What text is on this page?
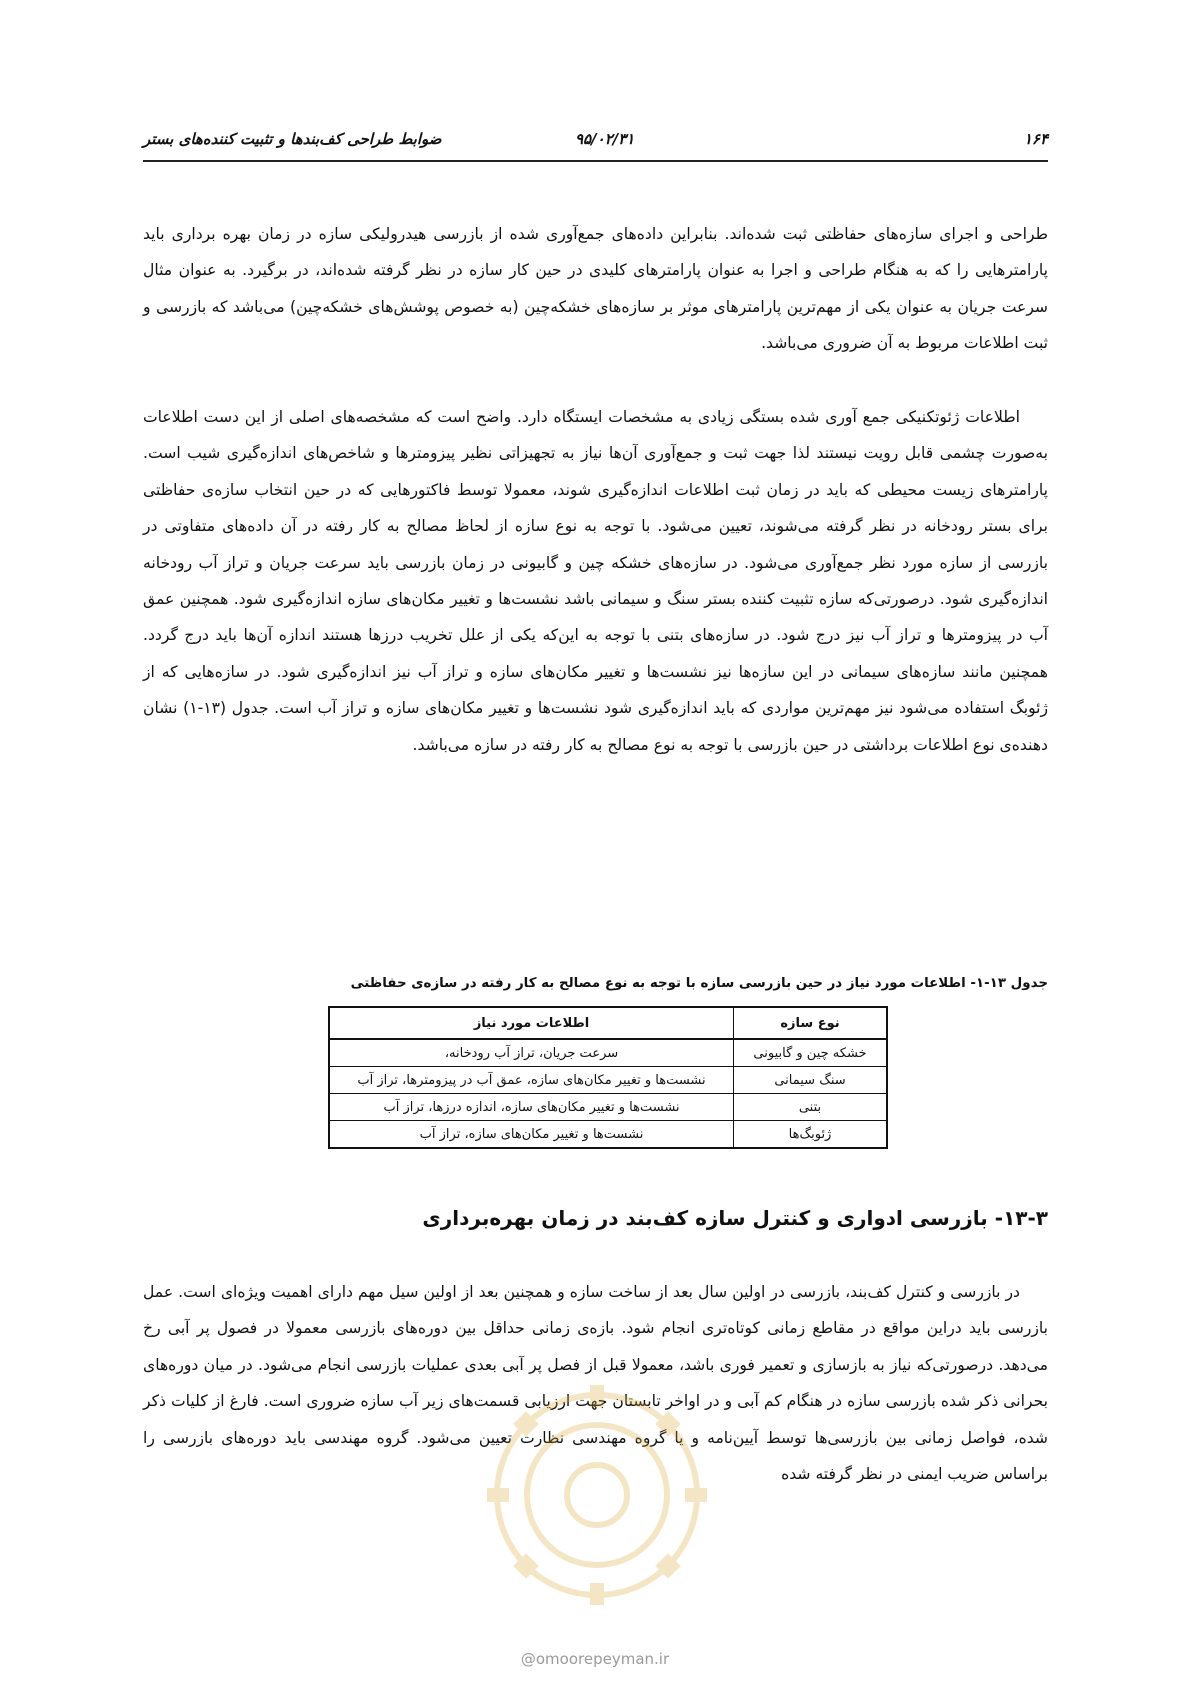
۱۶۴
۹۵/۰۲/۳۱
ضوابط طراحی کف‌بندها و تثبیت کننده‌های بستر

طراحی و اجرای سازه‌های حفاظتی ثبت شده‌اند. بنابراین داده‌های جمع‌آوری شده از بازرسی هیدرولیکی سازه در زمان بهره برداری باید پارامترهایی را که به هنگام طراحی و اجرا به عنوان پارامترهای کلیدی در حین کار سازه در نظر گرفته شده‌اند، در برگیرد. به عنوان مثال سرعت جریان به عنوان یکی از مهم‌ترین پارامترهای موثر بر سازه‌های خشکه‌چین (به خصوص پوشش‌های خشکه‌چین) می‌باشد که بازرسی و ثبت اطلاعات مربوط به آن ضروری می‌باشد.

اطلاعات ژئوتکنیکی جمع آوری شده بستگی زیادی به مشخصات ایستگاه دارد. واضح است که مشخصه‌های اصلی از این دست اطلاعات به‌صورت چشمی قابل رویت نیستند لذا جهت ثبت و جمع‌آوری آن‌ها نیاز به تجهیزاتی نظیر پیزومترها و شاخص‌های اندازه‌گیری شیب است. پارامترهای زیست محیطی که باید در زمان ثبت اطلاعات اندازه‌گیری شوند، معمولا توسط فاکتورهایی که در حین انتخاب سازه‌ی حفاظتی برای بستر رودخانه در نظر گرفته می‌شوند، تعیین می‌شود. با توجه به نوع سازه از لحاظ مصالح به کار رفته در آن داده‌های متفاوتی در بازرسی از سازه مورد نظر جمع‌آوری می‌شود. در سازه‌های خشکه چین و گابیونی در زمان بازرسی باید سرعت جریان و تراز آب رودخانه اندازه‌گیری شود. درصورتی‌که سازه تثبیت کننده بستر سنگ و سیمانی باشد نشست‌ها و تغییر مکان‌های سازه اندازه‌گیری شود. همچنین عمق آب در پیزومترها و تراز آب نیز درج شود. در سازه‌های بتنی با توجه به این‌که یکی از علل تخریب درزها هستند اندازه آن‌ها باید درج گردد. همچنین مانند سازه‌های سیمانی در این سازه‌ها نیز نشست‌ها و تغییر مکان‌های سازه و تراز آب نیز اندازه‌گیری شود. در سازه‌هایی که از ژئوبگ استفاده می‌شود نیز مهم‌ترین مواردی که باید اندازه‌گیری شود نشست‌ها و تغییر مکان‌های سازه و تراز آب است. جدول (۱۳-۱) نشان دهنده‌ی نوع اطلاعات برداشتی در حین بازرسی با توجه به نوع مصالح به کار رفته در سازه می‌باشد.

جدول ۱۳-۱- اطلاعات مورد نیاز در حین بازرسی سازه با توجه به نوع مصالح به کار رفته در سازه‌ی حفاظتی
نوع سازه	اطلاعات مورد نیاز
خشکه چین و گابیونی	سرعت جریان، تراز آب رودخانه،
سنگ سیمانی	نشست‌ها و تغییر مکان‌های سازه، عمق آب در پیزومترها، تراز آب
بتنی	نشست‌ها و تغییر مکان‌های سازه، اندازه درزها، تراز آب
ژئوبگ‌ها	نشست‌ها و تغییر مکان‌های سازه، تراز آب
۱۳-۳- بازرسی ادواری و کنترل سازه کف‌بند در زمان بهره‌برداری

در بازرسی و کنترل کف‌بند، بازرسی در اولین سال بعد از ساخت سازه و همچنین بعد از اولین سیل مهم دارای اهمیت ویژه‌ای است. عمل بازرسی باید دراین مواقع در مقاطع زمانی کوتاه‌تری انجام شود. بازه‌ی زمانی حداقل بین دوره‌های بازرسی معمولا در فصول پر آبی رخ می‌دهد. درصورتی‌که نیاز به بازسازی و تعمیر فوری باشد، معمولا قبل از فصل پر آبی بعدی عملیات بازرسی انجام می‌شود. در میان دوره‌های بحرانی ذکر شده بازرسی سازه در هنگام کم آبی و در اواخر تابستان جهت ارزیابی قسمت‌های زیر آب سازه ضروری است. فارغ از کلیات ذکر شده، فواصل زمانی بین بازرسی‌ها توسط آیین‌نامه و یا گروه مهندسی نظارت تعیین می‌شود. گروه مهندسی باید دوره‌های بازرسی را براساس ضریب ایمنی در نظر گرفته شده

@omoorepeyman.ir
